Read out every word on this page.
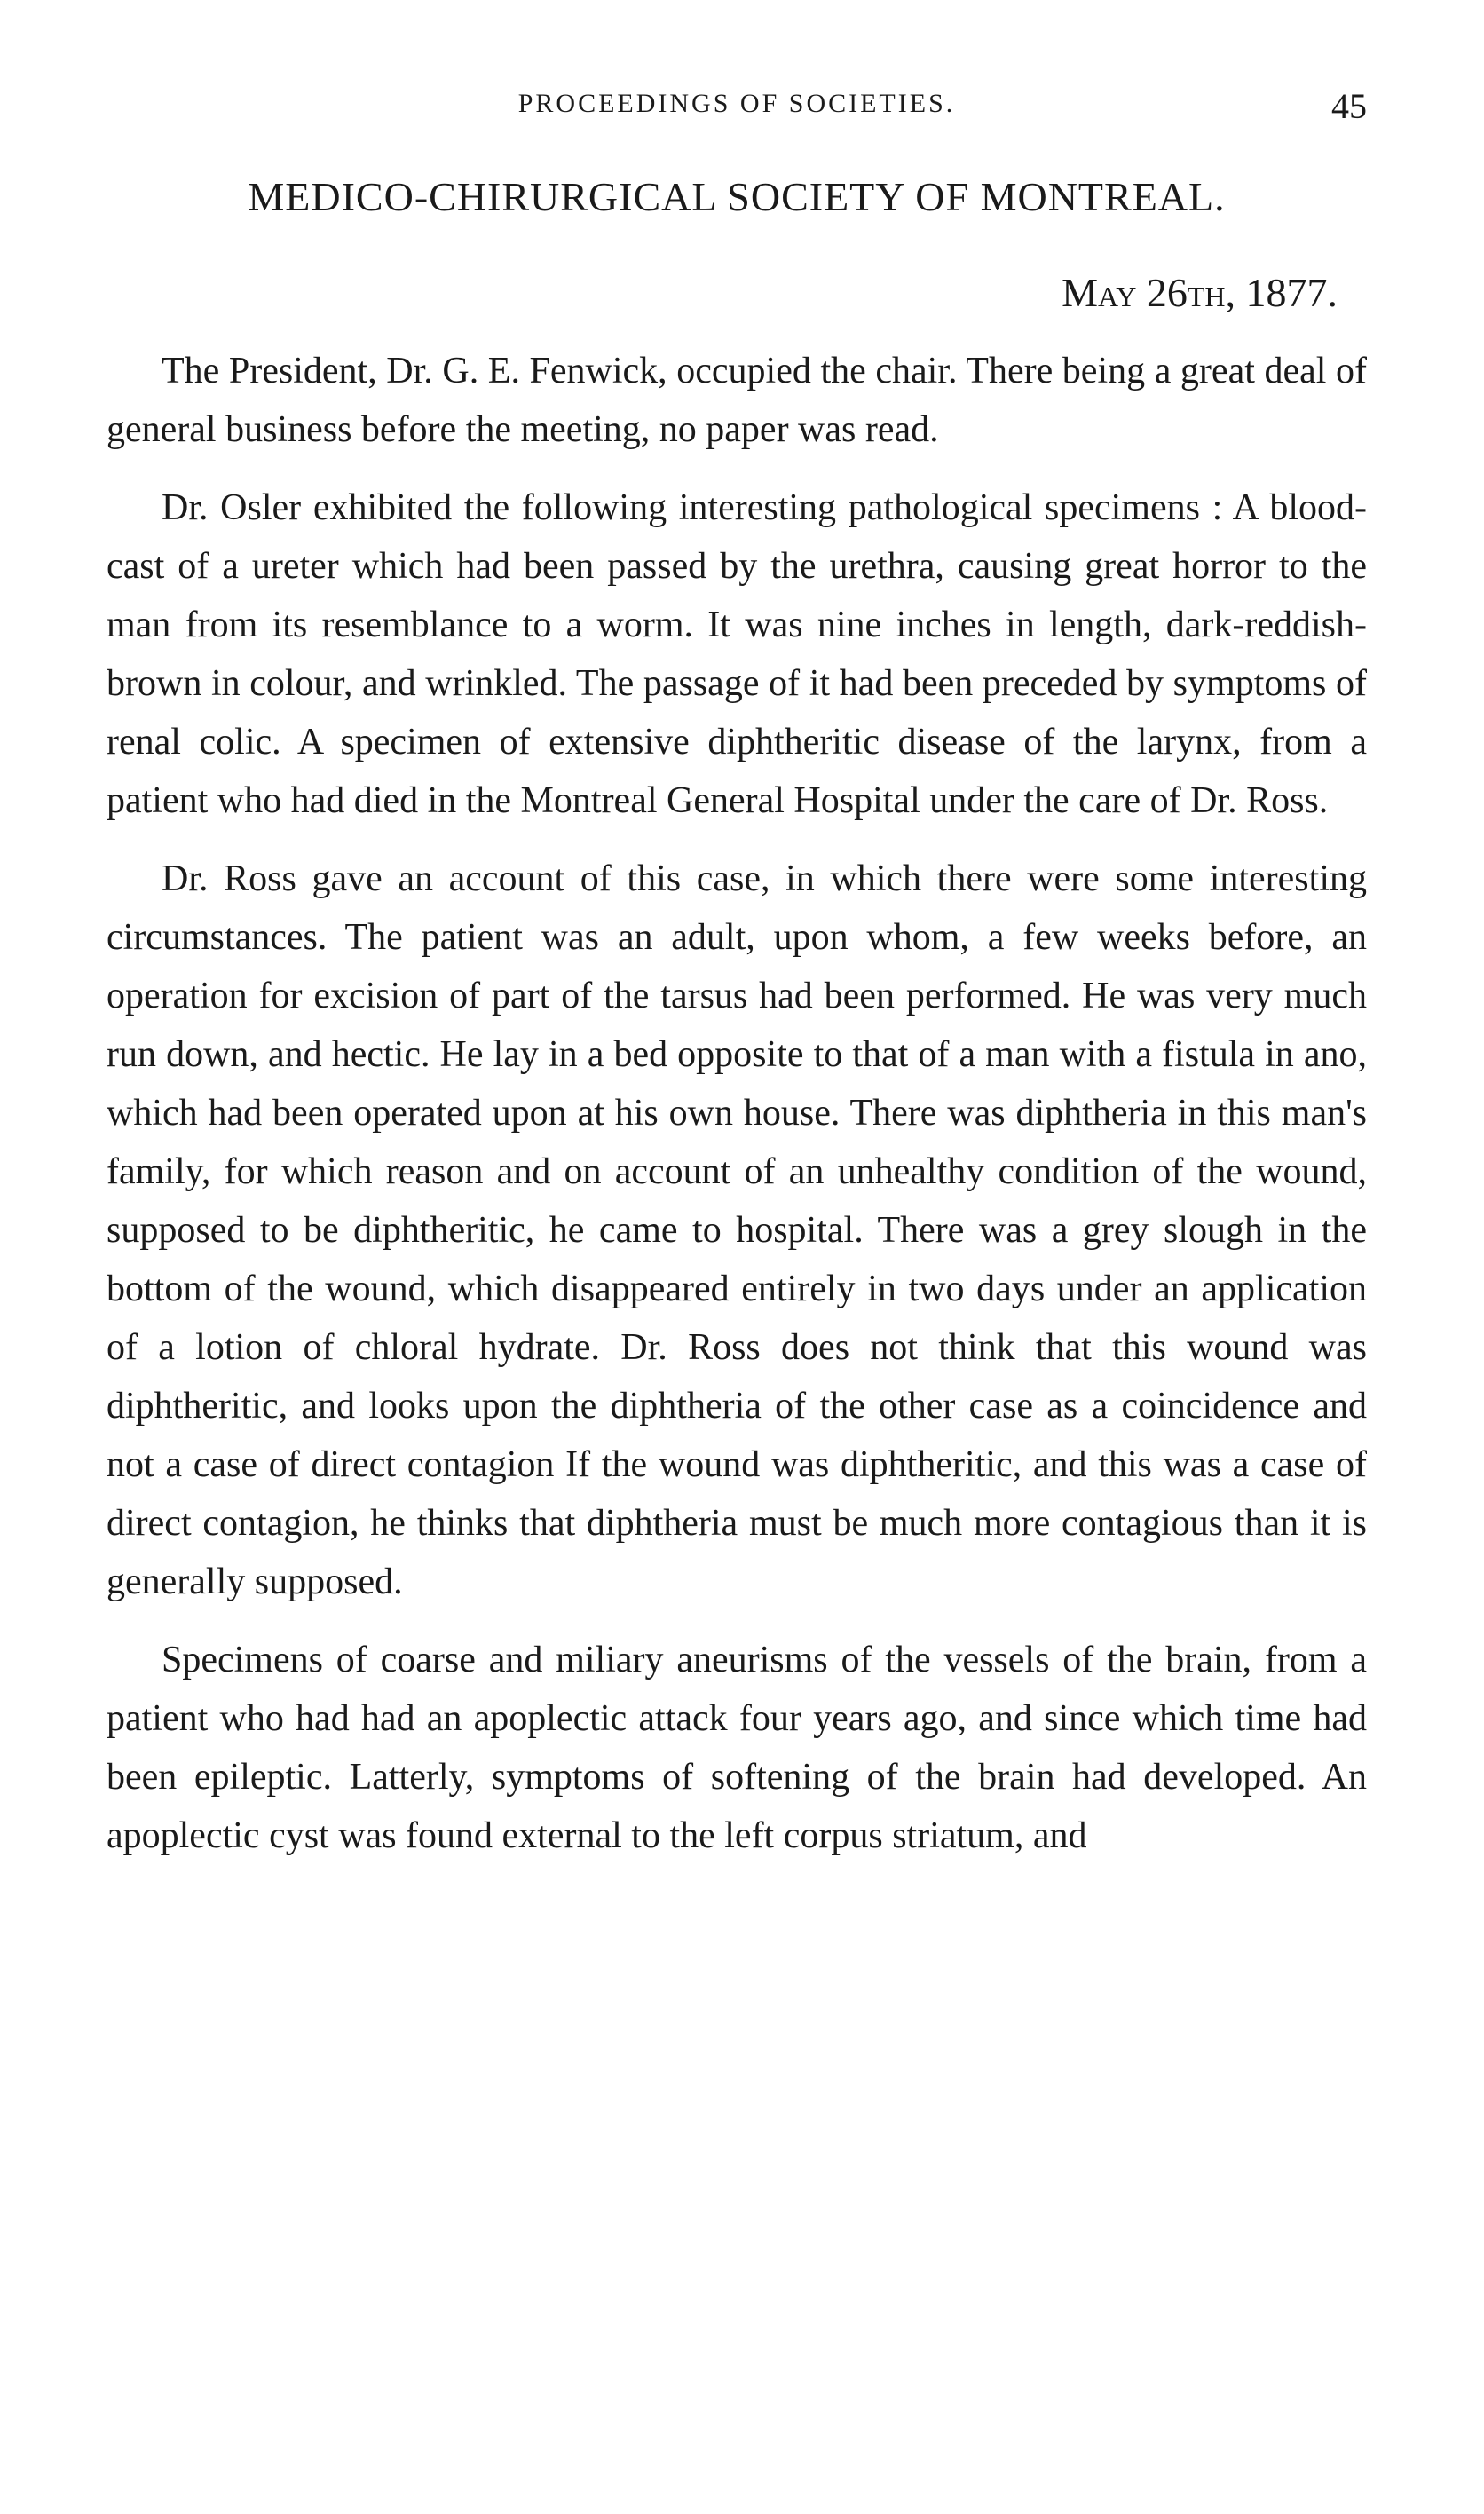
PROCEEDINGS OF SOCIETIES.	45
MEDICO-CHIRURGICAL SOCIETY OF MONTREAL.
May 26th, 1877.

The President, Dr. G. E. Fenwick, occupied the chair. There being a great deal of general business before the meeting, no paper was read.

Dr. Osler exhibited the following interesting pathological specimens : A blood-cast of a ureter which had been passed by the urethra, causing great horror to the man from its resemblance to a worm. It was nine inches in length, dark-reddish-brown in colour, and wrinkled. The passage of it had been preceded by symptoms of renal colic. A specimen of extensive diphtheritic disease of the larynx, from a patient who had died in the Montreal General Hospital under the care of Dr. Ross.

Dr. Ross gave an account of this case, in which there were some interesting circumstances. The patient was an adult, upon whom, a few weeks before, an operation for excision of part of the tarsus had been performed. He was very much run down, and hectic. He lay in a bed opposite to that of a man with a fistula in ano, which had been operated upon at his own house. There was diphtheria in this man's family, for which reason and on account of an unhealthy condition of the wound, supposed to be diphtheritic, he came to hospital. There was a grey slough in the bottom of the wound, which disappeared entirely in two days under an application of a lotion of chloral hydrate. Dr. Ross does not think that this wound was diphtheritic, and looks upon the diphtheria of the other case as a coincidence and not a case of direct contagion If the wound was diphtheritic, and this was a case of direct contagion, he thinks that diphtheria must be much more contagious than it is generally supposed.

Specimens of coarse and miliary aneurisms of the vessels of the brain, from a patient who had had an apoplectic attack four years ago, and since which time had been epileptic. Latterly, symptoms of softening of the brain had developed. An apoplectic cyst was found external to the left corpus striatum, and
